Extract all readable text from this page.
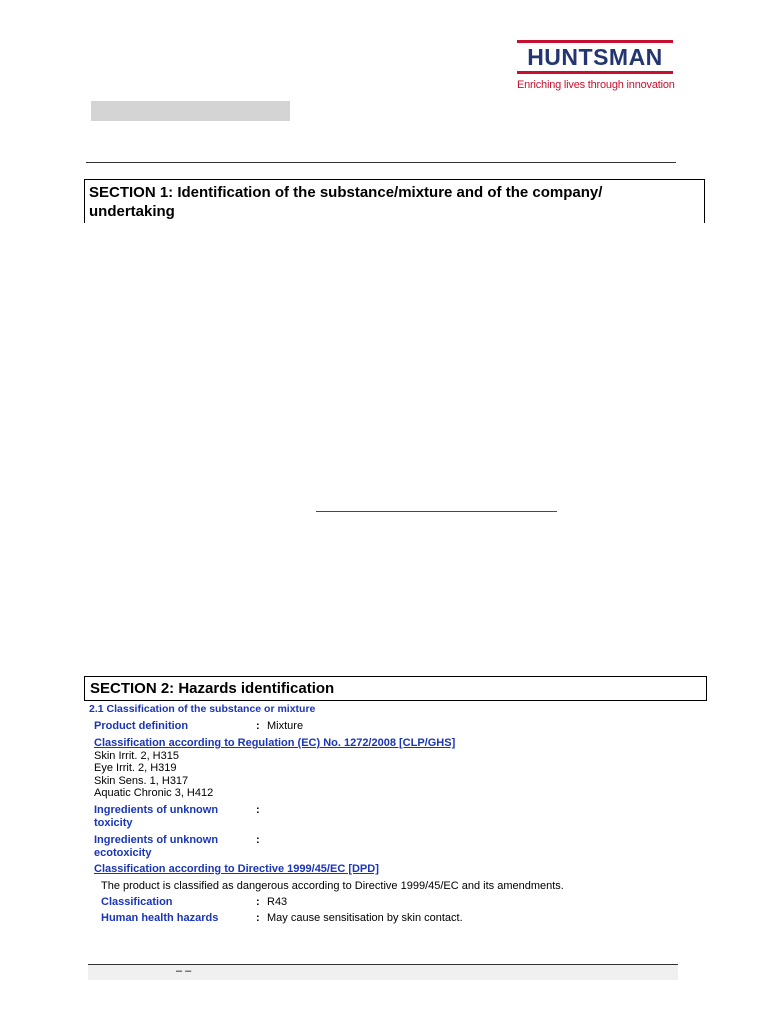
HUNTSMAN
Enriching lives through innovation
SECTION 1: Identification of the substance/mixture and of the company/
undertaking
SECTION 2: Hazards identification
2.1 Classification of the substance or mixture
Product definition	: Mixture
Classification according to Regulation (EC) No. 1272/2008 [CLP/GHS]
Skin Irrit. 2, H315
Eye Irrit. 2, H319
Skin Sens. 1, H317
Aquatic Chronic 3, H412
Ingredients of unknown
toxicity
:
Ingredients of unknown
ecotoxicity
:
Classification according to Directive 1999/45/EC [DPD]
The product is classified as dangerous according to Directive 1999/45/EC and its amendments.
Classification	: R43
Human health hazards	: May cause sensitisation by skin contact.
– –
